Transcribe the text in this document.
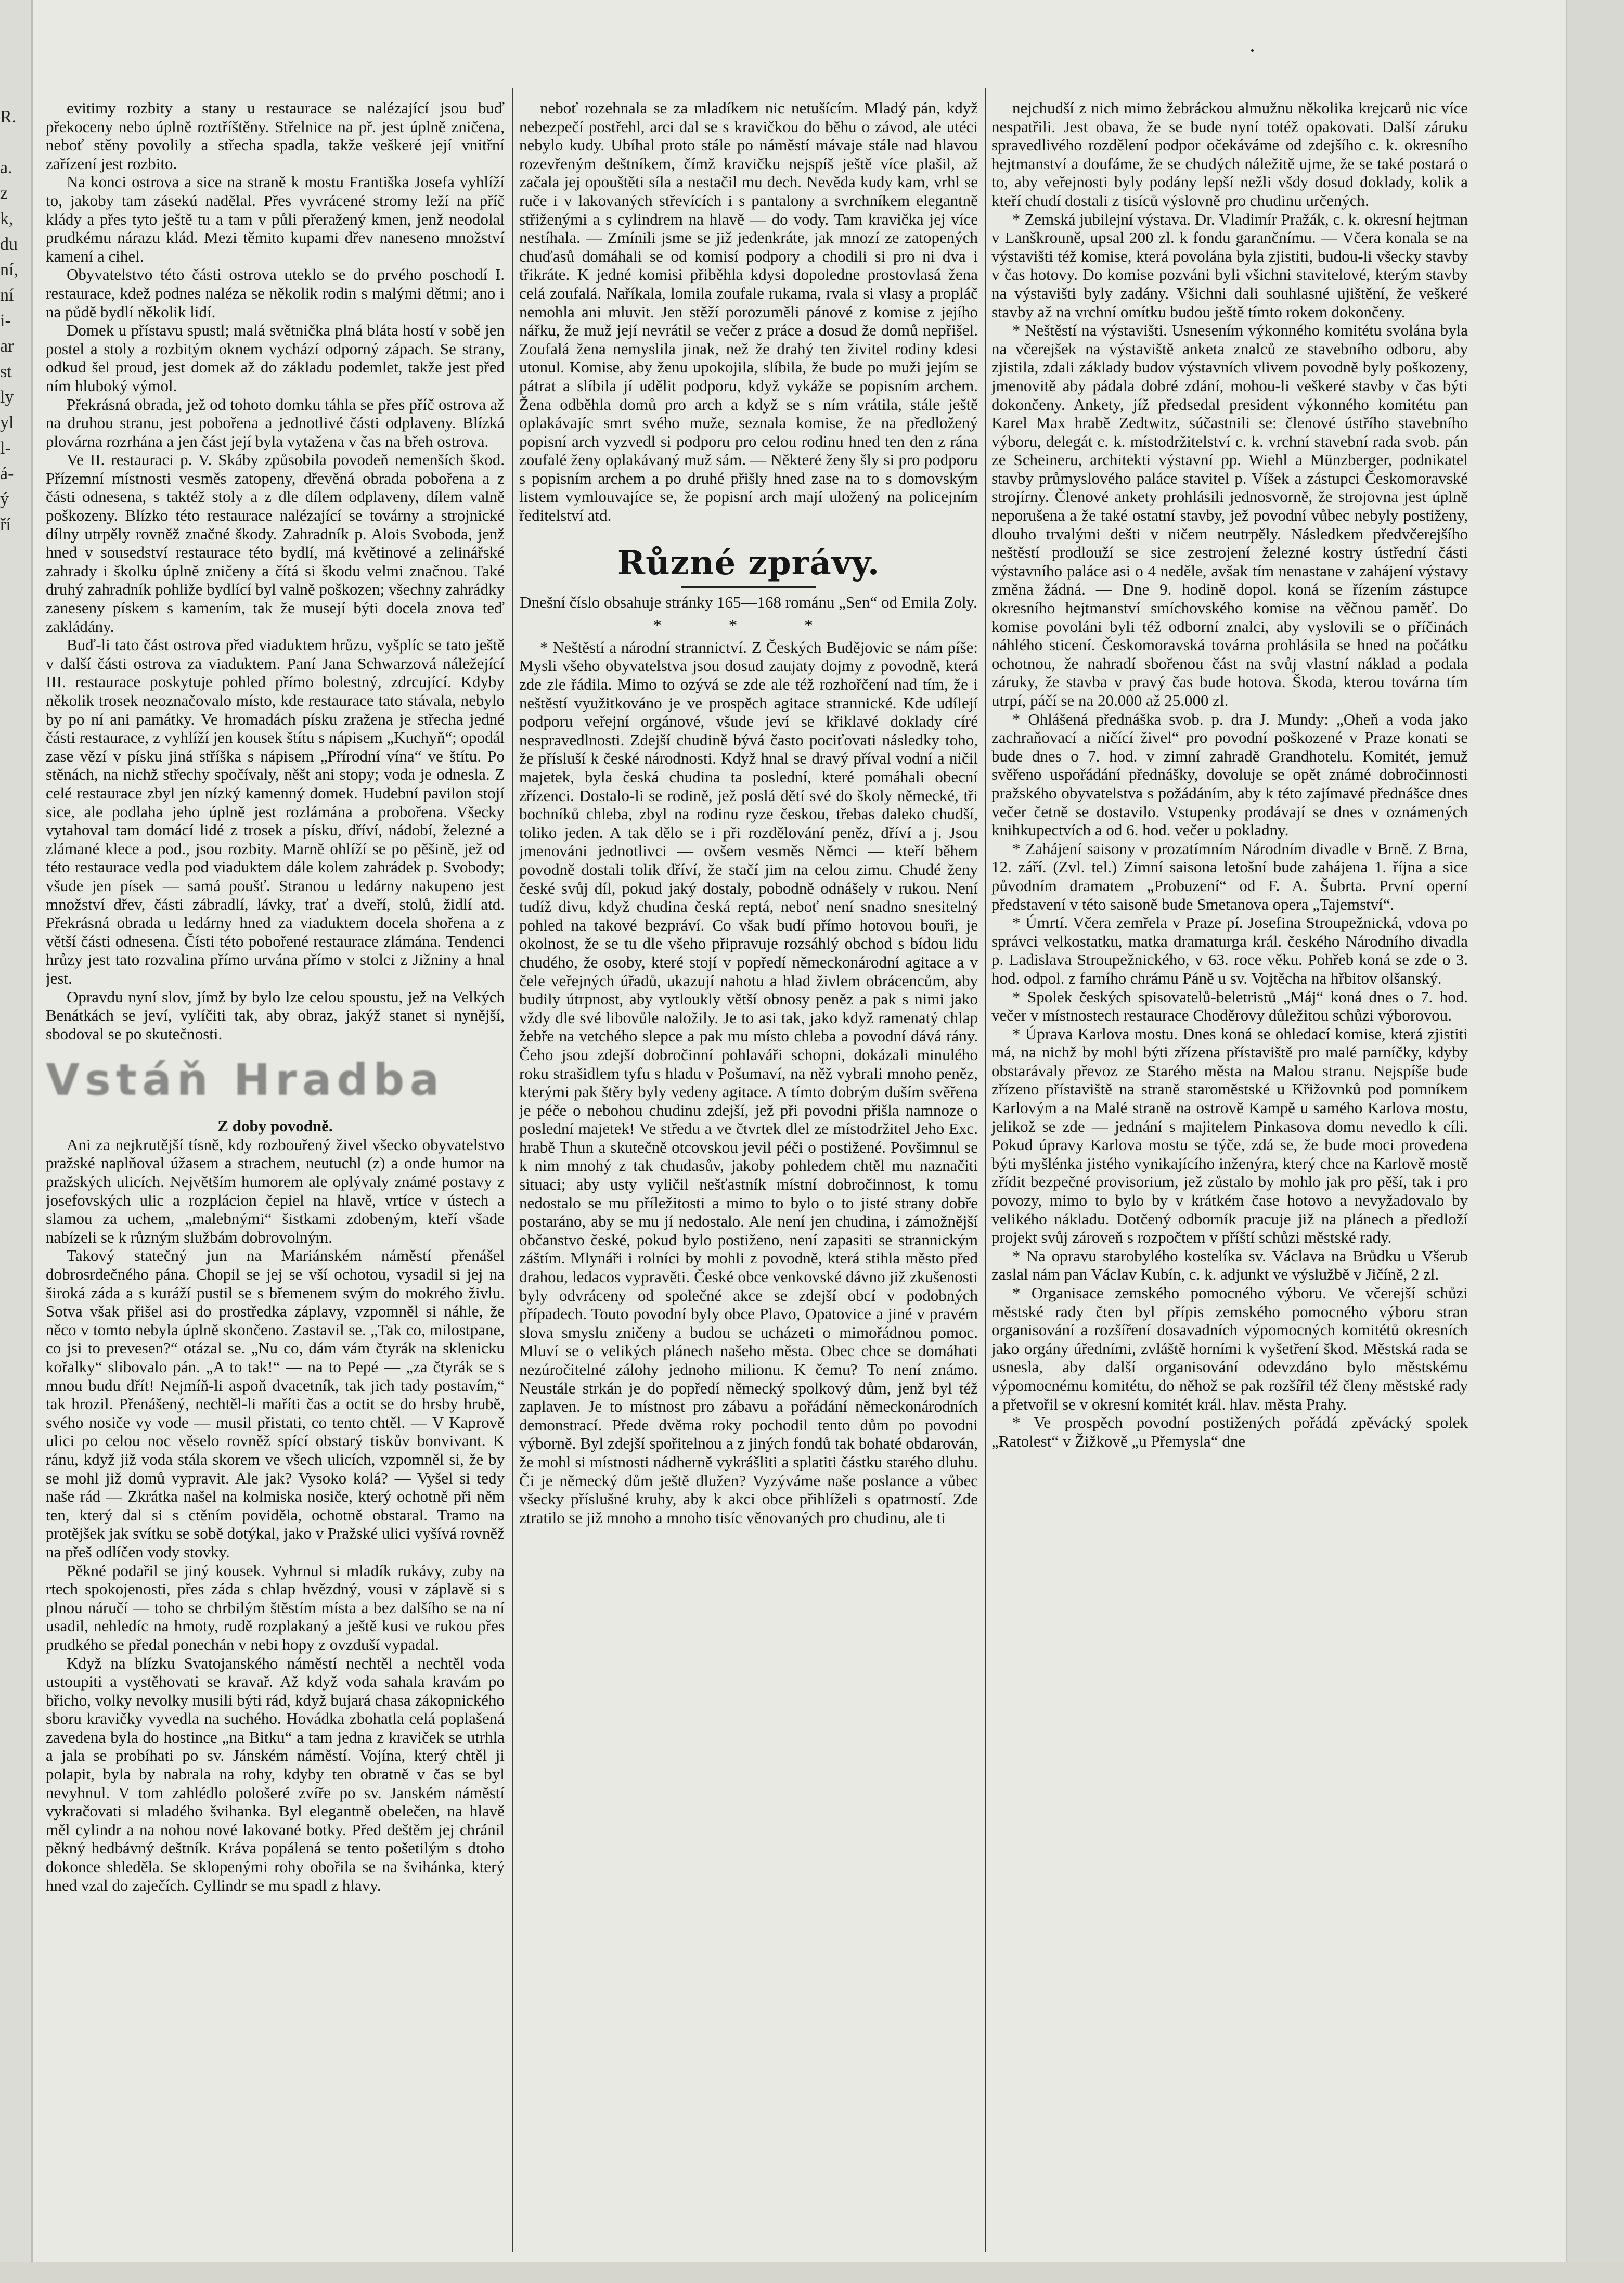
R.
a.
z
k,
du
ní,
ní
i-
ar
st
ly
yl
l-
á-
ý
ří

evitimy rozbity a stany u restaurace se nalézající jsou buď překoceny nebo úplně roztříštěny. Střelnice na př. jest úplně zničena, neboť stěny povolily a střecha spadla, takže veškeré její vnitřní zařízení jest rozbito.

Na konci ostrova a sice na straně k mostu Františka Josefa vyhlíží to, jakoby tam zásekú nadělal. Přes vyvrácené stromy leží na příč klády a přes tyto ještě tu a tam v půli přeražený kmen, jenž neodolal prudkému nárazu klád. Mezi těmito kupami dřev naneseno množství kamení a cihel.

Obyvatelstvo této části ostrova uteklo se do prvého poschodí I. restaurace, kdež podnes naléza se několik rodin s malými dětmi; ano i na půdě bydlí několik lidí.

Domek u přístavu spustl; malá světnička plná bláta hostí v sobě jen postel a stoly a rozbitým oknem vychází odporný zápach. Se strany, odkud šel proud, jest domek až do základu podemlet, takže jest před ním hluboký výmol.

Překrásná obrada, jež od tohoto domku táhla se přes příč ostrova až na druhou stranu, jest pobořena a jednotlivé části odplaveny. Blízká plovárna rozrhána a jen část její byla vytažena v čas na břeh ostrova.

Ve II. restauraci p. V. Skáby způsobila povodeň nemenších škod. Přízemní místnosti vesměs zatopeny, dřevěná obrada pobořena a z části odnesena, s taktéž stoly a z dle dílem odplaveny, dílem valně poškozeny. Blízko této restaurace nalézající se továrny a strojnické dílny utrpěly rovněž značné škody. Zahradník p. Alois Svoboda, jenž hned v sousedství restaurace této bydlí, má květinové a zelinářské zahrady i školku úplně zničeny a čítá si škodu velmi značnou. Také druhý zahradník pohliže bydlící byl valně poškozen; všechny zahrádky zaneseny pískem s kamením, tak že musejí býti docela znova teď zakládány.

Buď-li tato část ostrova před viaduktem hrůzu, vyšplíc se tato ještě v další části ostrova za viaduktem. Paní Jana Schwarzová náležející III. restaurace poskytuje pohled přímo bolestný, zdrcující. Kdyby několik trosek neoznačovalo místo, kde restaurace tato stávala, nebylo by po ní ani památky. Ve hromadách písku zražena je střecha jedné části restaurace, z vyhlíží jen kousek štítu s nápisem „Kuchyň“; opodál zase vězí v písku jiná stříška s nápisem „Přírodní vína“ ve štítu. Po stěnách, na nichž střechy spočívaly, něšt ani stopy; voda je odnesla. Z celé restaurace zbyl jen nízký kamenný domek. Hudební pavilon stojí sice, ale podlaha jeho úplně jest rozlámána a probořena. Všecky vytahoval tam domácí lidé z trosek a písku, dříví, nádobí, železné a zlámané klece a pod., jsou rozbity. Marně ohlíží se po pěšině, jež od této restaurace vedla pod viaduktem dále kolem zahrádek p. Svobody; všude jen písek — samá poušť. Stranou u ledárny nakupeno jest množství dřev, části zábradlí, lávky, trať a dveří, stolů, židlí atd. Překrásná obrada u ledárny hned za viaduktem docela shořena a z větší části odnesena. Čísti této pobořené restaurace zlámána. Tendenci hrůzy jest tato rozvalina přímo urvána přímo v stolci z Jižniny a hnal jest.

Opravdu nyní slov, jímž by bylo lze celou spoustu, jež na Velkých Benátkách se jeví, vylíčiti tak, aby obraz, jakýž stanet si nynější, sbodoval se po skutečnosti.

Vstáň Hradba

Z doby povodně.

Ani za nejkrutější tísně, kdy rozbouřený živel všecko obyvatelstvo pražské naplňoval úžasem a strachem, neutuchl (z) a onde humor na pražských ulicích. Největším humorem ale oplývaly známé postavy z josefovských ulic a rozplácion čepiel na hlavě, vrtíce v ústech a slamou za uchem, „malebnými“ šistkami zdobeným, kteří všade nabízeli se k různým službám dobrovolným.

Takový statečný jun na Mariánském náměstí přenášel dobrosrdečného pána. Chopil se jej se vší ochotou, vysadil si jej na široká záda a s kuráží pustil se s břemenem svým do mokrého živlu. Sotva však přišel asi do prostředka záplavy, vzpomněl si náhle, že něco v tomto nebyla úplně skončeno. Zastavil se. „Tak co, milostpane, co jsi to prevesen?“ otázal se. „Nu co, dám vám čtyrák na sklenicku kořalky“ slibovalo pán. „A to tak!“ — na to Pepé — „za čtyrák se s mnou budu dřít! Nejmíň-li aspoň dvacetník, tak jich tady postavím,“ tak hrozil. Přenášený, nechtěl-li maříti čas a octit se do hrsby hrubě, svého nosiče vy vode — musil přistati, co tento chtěl. — V Kaprově ulici po celou noc věselo rovněž spící obstarý tiskův bonvivant. K ránu, když již voda stála skorem ve všech ulicích, vzpomněl si, že by se mohl již domů vypravit. Ale jak? Vysoko kolá? — Vyšel si tedy naše rád — Zkrátka našel na kolmiska nosiče, který ochotně při něm ten, který dal si s ctěním poviděla, ochotně obstaral. Tramo na protějšek jak svítku se sobě dotýkal, jako v Pražské ulici vyšívá rovněž na přeš odlíčen vody stovky.

Pěkné podařil se jiný kousek. Vyhrnul si mladík rukávy, zuby na rtech spokojenosti, přes záda s chlap hvězdný, vousi v záplavě si s plnou náručí — toho se chrbilým štěstím místa a bez dalšího se na ní usadil, nehledíc na hmoty, rudě rozplakaný a ještě kusi ve rukou přes prudkého se předal ponechán v nebi hopy z ovzduší vypadal.

Když na blízku Svatojanského náměstí nechtěl a nechtěl voda ustoupiti a vystěhovati se kravař. Až když voda sahala kravám po břicho, volky nevolky musili býti rád, když bujará chasa zákopnického sboru kravičky vyvedla na suchého. Hovádka zbohatla celá poplašená zavedena byla do hostince „na Bitku“ a tam jedna z kraviček se utrhla a jala se probíhati po sv. Jánském náměstí. Vojína, který chtěl ji polapit, byla by nabrala na rohy, kdyby ten obratně v čas se byl nevyhnul. V tom zahlédlo pološeré zvíře po sv. Janském náměstí vykračovati si mladého švihanka. Byl elegantně obelečen, na hlavě měl cylindr a na nohou nové lakované botky. Před deštěm jej chránil pěkný hedbávný deštník. Kráva popálená se tento pošetilým s dtoho dokonce shleděla. Se sklopenými rohy obořila se na švihánka, který hned vzal do zaječích. Cyllindr se mu spadl z hlavy.

neboť rozehnala se za mladíkem nic netušícím. Mladý pán, když nebezpečí postřehl, arci dal se s kravičkou do běhu o závod, ale utéci nebylo kudy. Ubíhal proto stále po náměstí mávaje stále nad hlavou rozevřeným deštníkem, čímž kravičku nejspíš ještě více plašil, až začala jej opouštěti síla a nestačil mu dech. Nevěda kudy kam, vrhl se ruče i v lakovaných střevících i s pantalony a svrchníkem elegantně střiženými a s cylindrem na hlavě — do vody. Tam kravička jej více nestíhala. — Zmínili jsme se již jedenkráte, jak mnozí ze zatopených chuďasů domáhali se od komisí podpory a chodili si pro ni dva i třikráte. K jedné komisi přiběhla kdysi dopoledne prostovlasá žena celá zoufalá. Naříkala, lomila zoufale rukama, rvala si vlasy a propláč nemohla ani mluvit. Jen stěží porozuměli pánové z komise z jejího nářku, že muž její nevrátil se večer z práce a dosud že domů nepřišel. Zoufalá žena nemyslila jinak, než že drahý ten živitel rodiny kdesi utonul. Komise, aby ženu upokojila, slíbila, že bude po muži jejím se pátrat a slíbila jí udělit podporu, když vykáže se popisním archem. Žena odběhla domů pro arch a když se s ním vrátila, stále ještě oplakávajíc smrt svého muže, seznala komise, že na předložený popisní arch vyzvedl si podporu pro celou rodinu hned ten den z rána zoufalé ženy oplakávaný muž sám. — Některé ženy šly si pro podporu s popisním archem a po druhé přišly hned zase na to s domovským listem vymlouvajíce se, že popisní arch mají uložený na policejním ředitelství atd.

Různé zprávy.

Dnešní číslo obsahuje stránky 165—168 románu „Sen“ od Emila Zoly.

* * *

* Neštěstí a národní strannictví. Z Českých Budějovic se nám píše: Mysli všeho obyvatelstva jsou dosud zaujaty dojmy z povodně, která zde zle řádila. Mimo to ozývá se zde ale též rozhořčení nad tím, že i neštěstí využitkováno je ve prospěch agitace strannické. Kde udílejí podporu veřejní orgánové, všude jeví se křiklavé doklady círé nespravedlnosti. Zdejší chudině bývá často pociťovati následky toho, že přísluší k české národnosti. Když hnal se dravý příval vodní a ničil majetek, byla česká chudina ta poslední, které pomáhali obecní zřízenci. Dostalo-li se rodině, jež poslá dětí své do školy německé, tři bochníků chleba, zbyl na rodinu ryze českou, třebas daleko chudší, toliko jeden. A tak dělo se i při rozdělování peněz, dříví a j. Jsou jmenováni jednotlivci — ovšem vesměs Němci — kteří během povodně dostali tolik dříví, že stačí jim na celou zimu. Chudé ženy české svůj díl, pokud jaký dostaly, pobodně odnášely v rukou. Není tudíž divu, když chudina česká reptá, neboť není snadno snesitelný pohled na takové bezpráví. Co však budí přímo hotovou bouři, je okolnost, že se tu dle všeho připravuje rozsáhlý obchod s bídou lidu chudého, že osoby, které stojí v popředí německonárodní agitace a v čele veřejných úřadů, ukazují nahotu a hlad živlem obrácencům, aby budily útrpnost, aby vytloukly větší obnosy peněz a pak s nimi jako vždy dle své libovůle naložily. Je to asi tak, jako když ramenatý chlap žebře na vetchého slepce a pak mu místo chleba a povodní dává rány. Čeho jsou zdejší dobročinní pohlaváři schopni, dokázali minulého roku strašidlem tyfu s hladu v Pošumaví, na něž vybrali mnoho peněz, kterými pak štěry byly vedeny agitace. A tímto dobrým duším svěřena je péče o nebohou chudinu zdejší, jež při povodni přišla namnoze o poslední majetek! Ve středu a ve čtvrtek dlel ze místodržitel Jeho Exc. hrabě Thun a skutečně otcovskou jevil péči o postižené. Povšimnul se k nim mnohý z tak chudasův, jakoby pohledem chtěl mu naznačiti situaci; aby usty vyličil nešťastník místní dobročinnost, k tomu nedostalo se mu příležitosti a mimo to bylo o to jisté strany dobře postaráno, aby se mu jí nedostalo. Ale není jen chudina, i zámožnější občanstvo české, pokud bylo postiženo, není zapasiti se strannickým záštím. Mlynáři i rolníci by mohli z povodně, která stihla město před drahou, ledacos vypravěti. České obce venkovské dávno již zkušenosti byly odvráceny od společné akce se zdejší obcí v podobných případech. Touto povodní byly obce Plavo, Opatovice a jiné v pravém slova smyslu zničeny a budou se ucházeti o mimořádnou pomoc. Mluví se o velikých plánech našeho města. Obec chce se domáhati nezúročitelné zálohy jednoho milionu. K čemu? To není známo. Neustále strkán je do popředí německý spolkový dům, jenž byl též zaplaven. Je to místnost pro zábavu a pořádání německonárodních demonstrací. Přede dvěma roky pochodil tento dům po povodni výborně. Byl zdejší spořitelnou a z jiných fondů tak bohaté obdarován, že mohl si místnosti nádherně vykrášliti a splatiti částku starého dluhu. Či je německý dům ještě dlužen? Vyzýváme naše poslance a vůbec všecky příslušné kruhy, aby k akci obce přihlíželi s opatrností. Zde ztratilo se již mnoho a mnoho tisíc věnovaných pro chudinu, ale ti

nejchudší z nich mimo žebráckou almužnu několika krejcarů nic více nespatřili. Jest obava, že se bude nyní totéž opakovati. Další záruku spravedlivého rozdělení podpor očekáváme od zdejšího c. k. okresního hejtmanství a doufáme, že se chudých náležitě ujme, že se také postará o to, aby veřejnosti byly podány lepší nežli všdy dosud doklady, kolik a kteří chudí dostali z tisíců výslovně pro chudinu určených.

* Zemská jubilejní výstava. Dr. Vladimír Pražák, c. k. okresní hejtman v Lanškrouně, upsal 200 zl. k fondu garančnímu. — Včera konala se na výstavišti též komise, která povolána byla zjistiti, budou-li všecky stavby v čas hotovy. Do komise pozváni byli všichni stavitelové, kterým stavby na výstavišti byly zadány. Všichni dali souhlasné ujištění, že veškeré stavby až na vrchní omítku budou ještě tímto rokem dokončeny.

* Neštěstí na výstavišti. Usnesením výkonného komitétu svolána byla na včerejšek na výstaviště anketa znalců ze stavebního odboru, aby zjistila, zdali základy budov výstavních vlivem povodně byly poškozeny, jmenovitě aby pádala dobré zdání, mohou-li veškeré stavby v čas býti dokončeny. Ankety, jíž předsedal president výkonného komitétu pan Karel Max hrabě Zedtwitz, súčastnili se: členové ústřího stavebního výboru, delegát c. k. místodržitelství c. k. vrchní stavební rada svob. pán ze Scheineru, architekti výstavní pp. Wiehl a Münzberger, podnikatel stavby průmyslového paláce stavitel p. Víšek a zástupci Českomoravské strojírny. Členové ankety prohlásili jednosvorně, že strojovna jest úplně neporušena a že také ostatní stavby, jež povodní vůbec nebyly postiženy, dlouho trvalými dešti v ničem neutrpěly. Následkem předvčerejšího neštěstí prodlouží se sice zestrojení železné kostry ústřední části výstavního paláce asi o 4 neděle, avšak tím nenastane v zahájení výstavy změna žádná. — Dne 9. hodině dopol. koná se řízením zástupce okresního hejtmanství smíchovského komise na věčnou paměť. Do komise povoláni byli též odborní znalci, aby vyslovili se o příčinách náhlého sticení. Českomoravská továrna prohlásila se hned na počátku ochotnou, že nahradí sbořenou část na svůj vlastní náklad a podala záruky, že stavba v pravý čas bude hotova. Škoda, kterou továrna tím utrpí, páčí se na 20.000 až 25.000 zl.

* Ohlášená přednáška svob. p. dra J. Mundy: „Oheň a voda jako zachraňovací a ničící živel“ pro povodní poškozené v Praze konati se bude dnes o 7. hod. v zimní zahradě Grandhotelu. Komitét, jemuž svěřeno uspořádání přednášky, dovoluje se opět známé dobročinnosti pražského obyvatelstva s požádáním, aby k této zajímavé přednášce dnes večer četně se dostavilo. Vstupenky prodávají se dnes v oznámených knihkupectvích a od 6. hod. večer u pokladny.

* Zahájení saisony v prozatímním Národním divadle v Brně. Z Brna, 12. září. (Zvl. tel.) Zimní saisona letošní bude zahájena 1. října a sice původním dramatem „Probuzení“ od F. A. Šubrta. První operní představení v této saisoně bude Smetanova opera „Tajemství“.

* Úmrtí. Včera zemřela v Praze pí. Josefina Stroupežnická, vdova po správci velkostatku, matka dramaturga král. českého Národního divadla p. Ladislava Stroupežnického, v 63. roce věku. Pohřeb koná se zde o 3. hod. odpol. z farního chrámu Páně u sv. Vojtěcha na hřbitov olšanský.

* Spolek českých spisovatelů-beletristů „Máj“ koná dnes o 7. hod. večer v místnostech restaurace Choděrovy důležitou schůzi výborovou.

* Úprava Karlova mostu. Dnes koná se ohledací komise, která zjistiti má, na nichž by mohl býti zřízena přístaviště pro malé parníčky, kdyby obstarávaly převoz ze Starého města na Malou stranu. Nejspíše bude zřízeno přístaviště na straně staroměstské u Křižovnků pod pomníkem Karlovým a na Malé straně na ostrově Kampě u samého Karlova mostu, jelikož se zde — jednání s majitelem Pinkasova domu nevedlo k cíli. Pokud úpravy Karlova mostu se týče, zdá se, že bude moci provedena býti myšlénka jistého vynikajícího inženýra, který chce na Karlově mostě zřídit bezpečné provisorium, jež zůstalo by mohlo jak pro pěší, tak i pro povozy, mimo to bylo by v krátkém čase hotovo a nevyžadovalo by velikého nákladu. Dotčený odborník pracuje již na plánech a předloží projekt svůj zároveň s rozpočtem v příští schůzi městské rady.

* Na opravu starobylého kostelíka sv. Václava na Brůdku u Všerub zaslal nám pan Václav Kubín, c. k. adjunkt ve výslužbě v Jičíně, 2 zl.

* Organisace zemského pomocného výboru. Ve včerejší schůzi městské rady čten byl přípis zemského pomocného výboru stran organisování a rozšíření dosavadních výpomocných komitétů okresních jako orgány úředními, zvláště horními k vyšetření škod. Městská rada se usnesla, aby další organisování odevzdáno bylo městskému výpomocnému komitétu, do něhož se pak rozšířil též členy městské rady a přetvořil se v okresní komitét král. hlav. města Prahy.

* Ve prospěch povodní postižených pořádá zpěvácký spolek „Ratolest“ v Žižkově „u Přemysla“ dne
